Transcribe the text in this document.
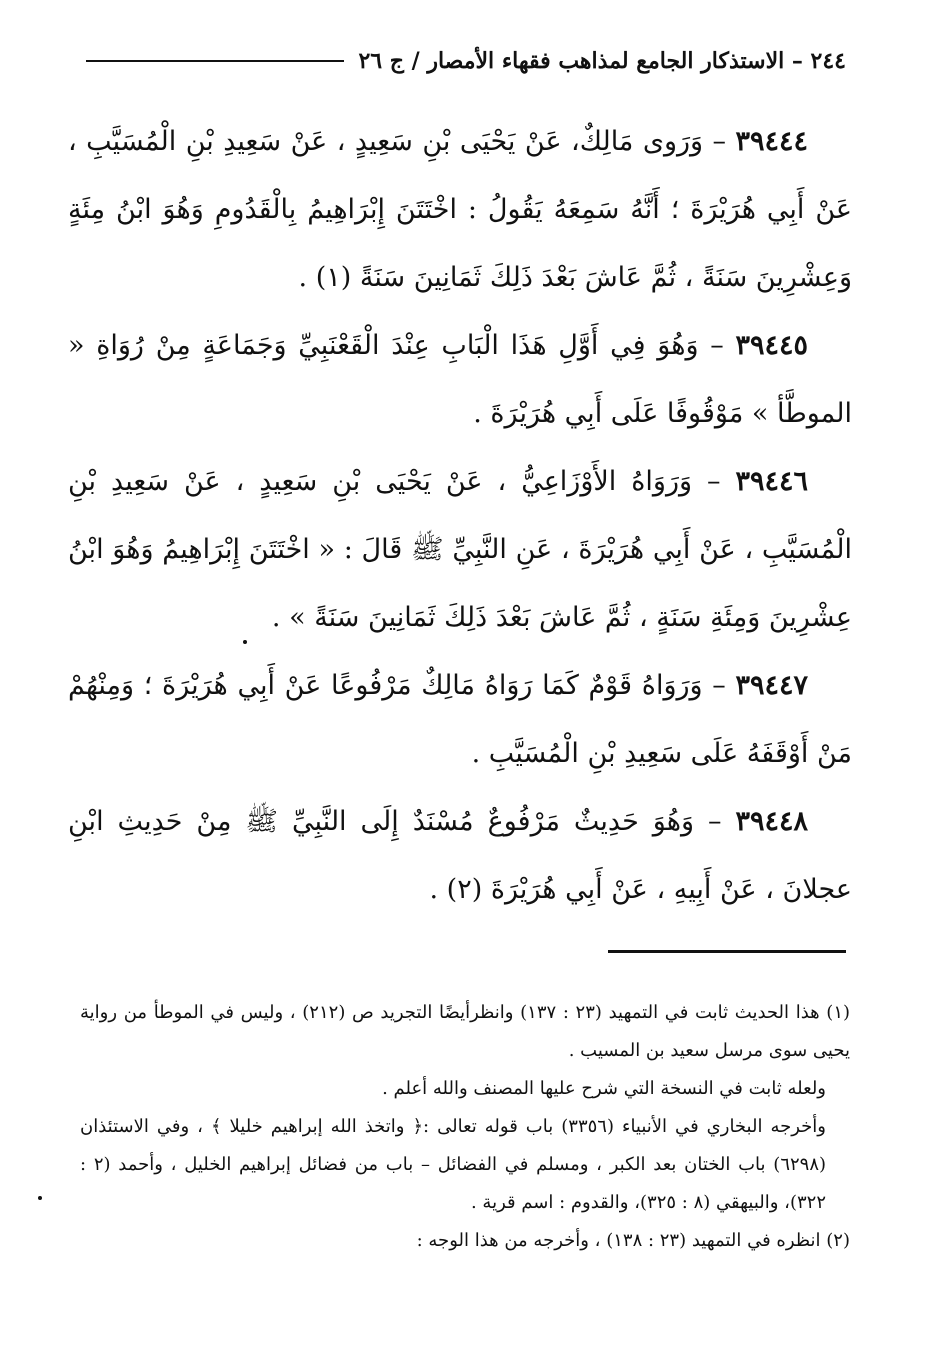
٢٤٤ – الاستذكار الجامع لمذاهب فقهاء الأمصار / ج ٢٦

٣٩٤٤٤ – وَرَوى مَالِكٌ، عَنْ يَحْيَى بْنِ سَعِيدٍ ، عَنْ سَعِيدِ بْنِ الْمُسَيَّبِ ، عَنْ أَبِي هُرَيْرَةَ ؛ أَنَّهُ سَمِعَهُ يَقُولُ : اخْتَتَنَ إِبْرَاهِيمُ بِالْقَدُومِ وَهُوَ ابْنُ مِئَةٍ وَعِشْرِينَ سَنَةً ، ثُمَّ عَاشَ بَعْدَ ذَلِكَ ثَمَانِينَ سَنَةً (١) .

٣٩٤٤٥ – وَهُوَ فِي أَوَّلِ هَذَا الْبَابِ عِنْدَ الْقَعْنَبِيِّ وَجَمَاعَةٍ مِنْ رُوَاةِ « الموطَّأ » مَوْقُوفًا عَلَى أَبِي هُرَيْرَةَ .

٣٩٤٤٦ – وَرَوَاهُ الأَوْزَاعِيُّ ، عَنْ يَحْيَى بْنِ سَعِيدٍ ، عَنْ سَعِيدِ بْنِ الْمُسَيَّبِ ، عَنْ أَبِي هُرَيْرَةَ ، عَنِ النَّبِيِّ ﷺ قَالَ : « اخْتَتَنَ إِبْرَاهِيمُ وَهُوَ ابْنُ عِشْرِينَ وَمِئَةِ سَنَةٍ ، ثُمَّ عَاشَ بَعْدَ ذَلِكَ ثَمَانِينَ سَنَةً » .

٣٩٤٤٧ – وَرَوَاهُ قَوْمٌ كَمَا رَوَاهُ مَالِكٌ مَرْفُوعًا عَنْ أَبِي هُرَيْرَةَ ؛ وَمِنْهُمْ مَنْ أَوْقَفَهُ عَلَى سَعِيدِ بْنِ الْمُسَيَّبِ .

٣٩٤٤٨ – وَهُوَ حَدِيثٌ مَرْفُوعٌ مُسْنَدٌ إِلَى النَّبِيِّ ﷺ مِنْ حَدِيثِ ابْنِ عجلانَ ، عَنْ أَبِيهِ ، عَنْ أَبِي هُرَيْرَةَ (٢) .

(١) هذا الحديث ثابت في التمهيد (٢٣ : ١٣٧) وانظرأيضًا التجريد ص (٢١٢) ، وليس في الموطأ من رواية يحيى سوى مرسل سعيد بن المسيب .

ولعله ثابت في النسخة التي شرح عليها المصنف والله أعلم .

وأخرجه البخاري في الأنبياء (٣٣٥٦) باب قوله تعالى :﴿ واتخذ الله إبراهيم خليلا ﴾ ، وفي الاستئذان (٦٢٩٨) باب الختان بعد الكبر ، ومسلم في الفضائل – باب من فضائل إبراهيم الخليل ، وأحمد (٢ : ٣٢٢)، والبيهقي (٨ : ٣٢٥)، والقدوم : اسم قرية .

(٢) انظره في التمهيد (٢٣ : ١٣٨) ، وأخرجه من هذا الوجه :
